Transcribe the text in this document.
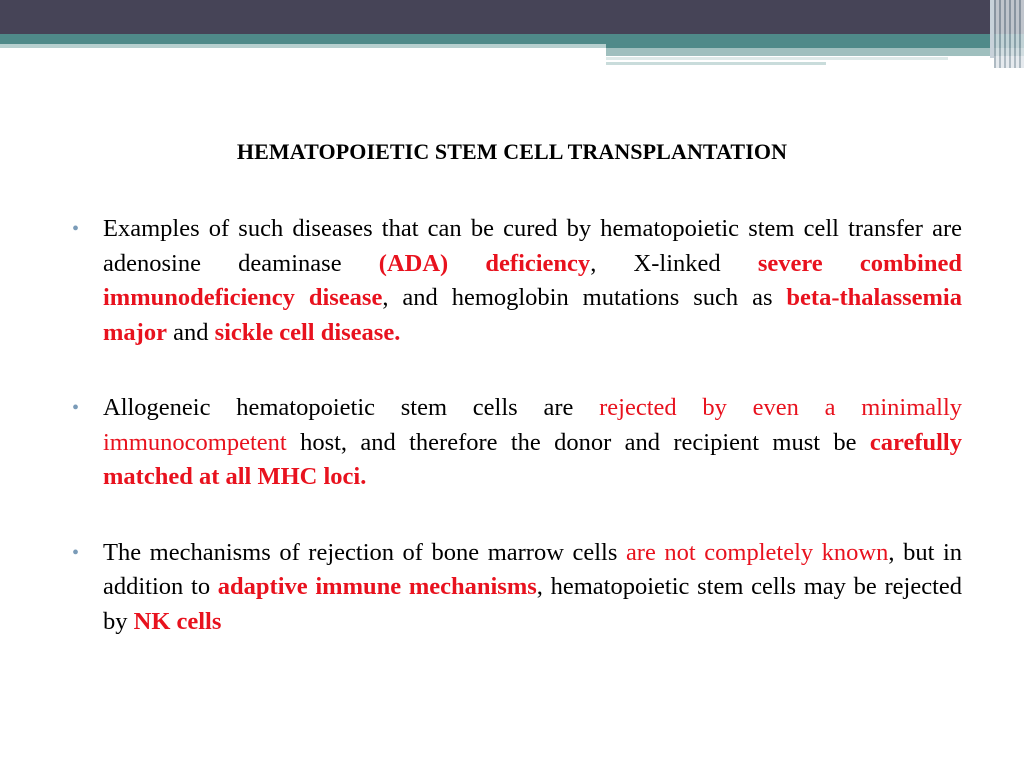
HEMATOPOIETIC STEM CELL TRANSPLANTATION
• Examples of such diseases that can be cured by hematopoietic stem cell transfer are adenosine deaminase (ADA) deficiency, X-linked severe combined immunodeficiency disease, and hemoglobin mutations such as beta-thalassemia major and sickle cell disease.
• Allogeneic hematopoietic stem cells are rejected by even a minimally immunocompetent host, and therefore the donor and recipient must be carefully matched at all MHC loci.
• The mechanisms of rejection of bone marrow cells are not completely known, but in addition to adaptive immune mechanisms, hematopoietic stem cells may be rejected by NK cells
